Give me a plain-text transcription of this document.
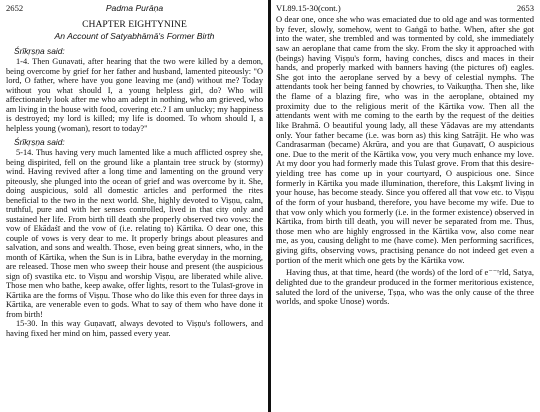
2652	Padma Purāṇa
CHAPTER EIGHTYNINE
An Account of Satyabhāmā's Former Birth
Śrīkṛṣṇa said:

1-4. Then Gunavati, after hearing that the two were killed by a demon, being overcome by grief for her father and husband, lamented piteously: "O lord, O father, where have you gone leaving me (and) without me? Today without you what should I, a young helpless girl, do? Who will affectionately look after me who am adept in nothing, who am grieved, who am living in the house with food, covering etc.? I am unlucky; my happiness is destroyed; my lord is killed; my life is doomed. To whom should I, a helpless young (woman), resort to today?"

Śrīkṛṣṇa said:

5-14. Thus having very much lamented like a much afflicted osprey she, being dispirited, fell on the ground like a plantain tree struck by (stormy) wind. Having revived after a long time and lamenting on the ground very piteously, she plunged into the ocean of grief and was overcome by it. She, doing auspicious, sold all domestic articles and performed the rites beneficial to the two in the next world. She, highly devoted to Viṣṇu, calm, truthful, pure and with her senses controlled, lived in that city only and sustained her life. From birth till death she properly observed two vows: the vow of Ekādaśī and the vow of (i.e. relating to) Kārtika. O dear one, this couple of vows is very dear to me. It properly brings about pleasures and salvation, and sons and wealth. Those, even being great sinners, who, in the month of Kārtika, when the Sun is in Libra, bathe everyday in the morning, are released. Those men who sweep their house and present (the auspicious sign of) svastika etc. to Viṣṇu and worship Viṣṇu, are liberated while alive. Those men who bathe, keep awake, offer lights, resort to the Tulasī-grove in Kārtika are the forms of Viṣṇu. Those who do like this even for three days in Kārtika, are venerable even to gods. What to say of them who have done it from birth!

15-30. In this way Guṇavatī, always devoted to Viṣṇu's followers, and having fixed her mind on him, passed every year.

VI.89.15-30(cont.)	2653

O dear one, once she who was emaciated due to old age and was tormented by fever, slowly, somehow, went to Gaṅgā to bathe. When, after she got into the water, she trembled and was tormented by cold, she immediately saw an aeroplane that came from the sky. From the sky it approached with (beings) having Viṣṇu's form, having conches, discs and maces in their hands, and properly marked with banners having (the pictures of) eagles. She got into the aeroplane served by a bevy of celestial nymphs. The attendants took her being fanned by chowries, to Vaikuṇṭha. Then she, like the flame of a blazing fire, who was in the aeroplane, obtained my proximity due to the religious merit of the Kārtika vow. Then all the attendants went with me coming to the earth by the request of the deities like Brahmā. O beautiful young lady, all these Yādavas are my attendants only. Your father became (i.e. was born as) this king Satrājit. He who was Candrasarman (became) Akrūra, and you are that Guṇavatī, O auspicious one. Due to the merit of the Kārtika vow, you very much enhance my love. At my door you had formerly made this Tulasī grove. From that this desire-yielding tree has come up in your courtyard, O auspicious one. Since formerly in Kārtika you made illumination, therefore, this Lakṣmī living in your house, has become steady. Since you offered all that vow etc. to Viṣṇu of the form of your husband, therefore, you have become my wife. Due to that vow only which you formerly (i.e. in the former existence) observed in Kārtika, from birth till death, you will never be separated from me. Thus, those men who are highly engrossed in the Kārtika vow, also come near me, as you, causing delight to me (have come). Men performing sacrifices, giving gifts, observing vows, practising penance do not indeed get even a portion of the merit which one gets by the Kārtika vow.

Having thus, at that time, heard (the words) of the lord of e⁻⁻ʳrld, Satya, delighted due to the grandeur produced in the former meritorious existence, saluted the lord of the universe, Tṣṇa, who was the only cause of the three worlds, and spoke Unose) words.
